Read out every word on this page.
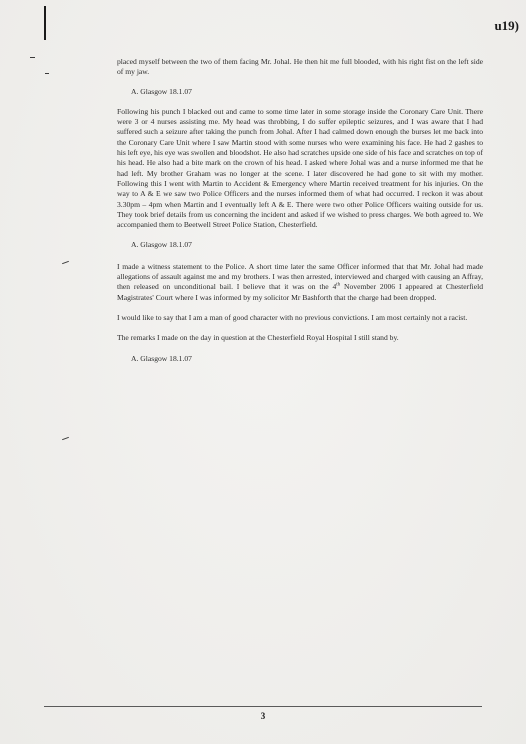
u19)

placed myself between the two of them facing Mr. Johal. He then hit me full blooded, with his right fist on the left side of my jaw.

A. Glasgow 18.1.07

Following his punch I blacked out and came to some time later in some storage inside the Coronary Care Unit. There were 3 or 4 nurses assisting me. My head was throbbing, I do suffer epileptic seizures, and I was aware that I had suffered such a seizure after taking the punch from Johal. After I had calmed down enough the burses let me back into the Coronary Care Unit where I saw Martin stood with some nurses who were examining his face. He had 2 gashes to his left eye, his eye was swollen and bloodshot. He also had scratches upside one side of his face and scratches on top of his head. He also had a bite mark on the crown of his head. I asked where Johal was and a nurse informed me that he had left. My brother Graham was no longer at the scene. I later discovered he had gone to sit with my mother. Following this I went with Martin to Accident & Emergency where Martin received treatment for his injuries. On the way to A & E we saw two Police Officers and the nurses informed them of what had occurred. I reckon it was about 3.30pm – 4pm when Martin and I eventually left A & E. There were two other Police Officers waiting outside for us. They took brief details from us concerning the incident and asked if we wished to press charges. We both agreed to. We accompanied them to Beetwell Street Police Station, Chesterfield.

A. Glasgow 18.1.07

I made a witness statement to the Police. A short time later the same Officer informed that that Mr. Johal had made allegations of assault against me and my brothers. I was then arrested, interviewed and charged with causing an Affray, then released on unconditional bail. I believe that it was on the 4th November 2006 I appeared at Chesterfield Magistrates' Court where I was informed by my solicitor Mr Bashforth that the charge had been dropped.

I would like to say that I am a man of good character with no previous convictions. I am most certainly not a racist.

The remarks I made on the day in question at the Chesterfield Royal Hospital I still stand by.

A. Glasgow 18.1.07

3
